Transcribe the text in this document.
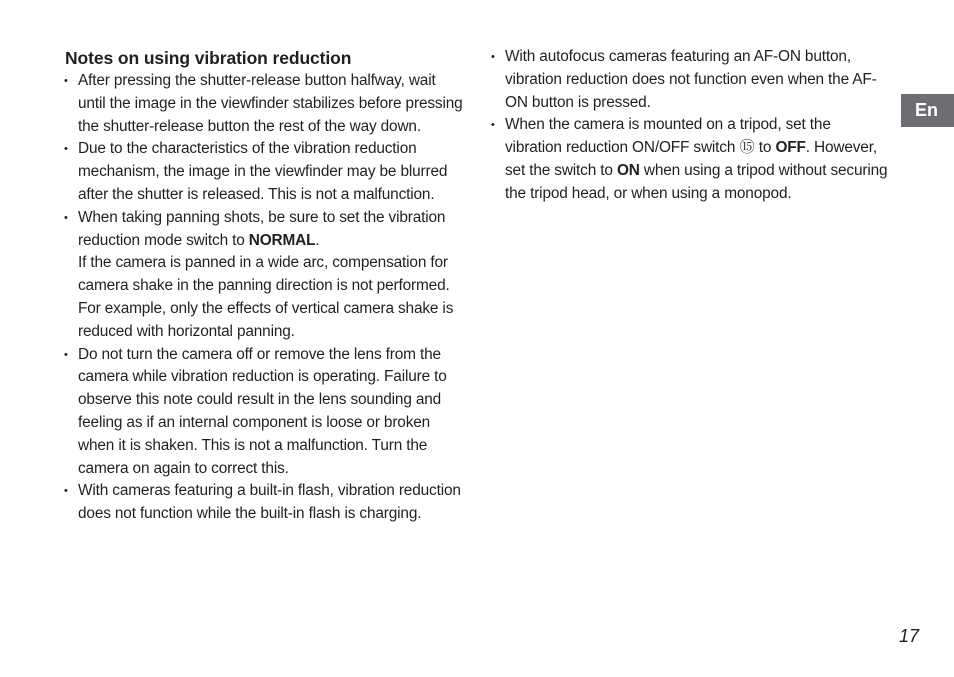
Notes on using vibration reduction
• After pressing the shutter-release button halfway, wait until the image in the viewfinder stabilizes before pressing the shutter-release button the rest of the way down.
• Due to the characteristics of the vibration reduction mechanism, the image in the viewfinder may be blurred after the shutter is released. This is not a malfunction.
• When taking panning shots, be sure to set the vibration reduction mode switch to NORMAL.
If the camera is panned in a wide arc, compensation for camera shake in the panning direction is not performed. For example, only the effects of vertical camera shake is reduced with horizontal panning.
• Do not turn the camera off or remove the lens from the camera while vibration reduction is operating. Failure to observe this note could result in the lens sounding and feeling as if an internal component is loose or broken when it is shaken. This is not a malfunction. Turn the camera on again to correct this.
• With cameras featuring a built-in flash, vibration reduction does not function while the built-in flash is charging.
• With autofocus cameras featuring an AF-ON button, vibration reduction does not function even when the AF-ON button is pressed.
• When the camera is mounted on a tripod, set the vibration reduction ON/OFF switch ⑮ to OFF. However, set the switch to ON when using a tripod without securing the tripod head, or when using a monopod.
En
17
